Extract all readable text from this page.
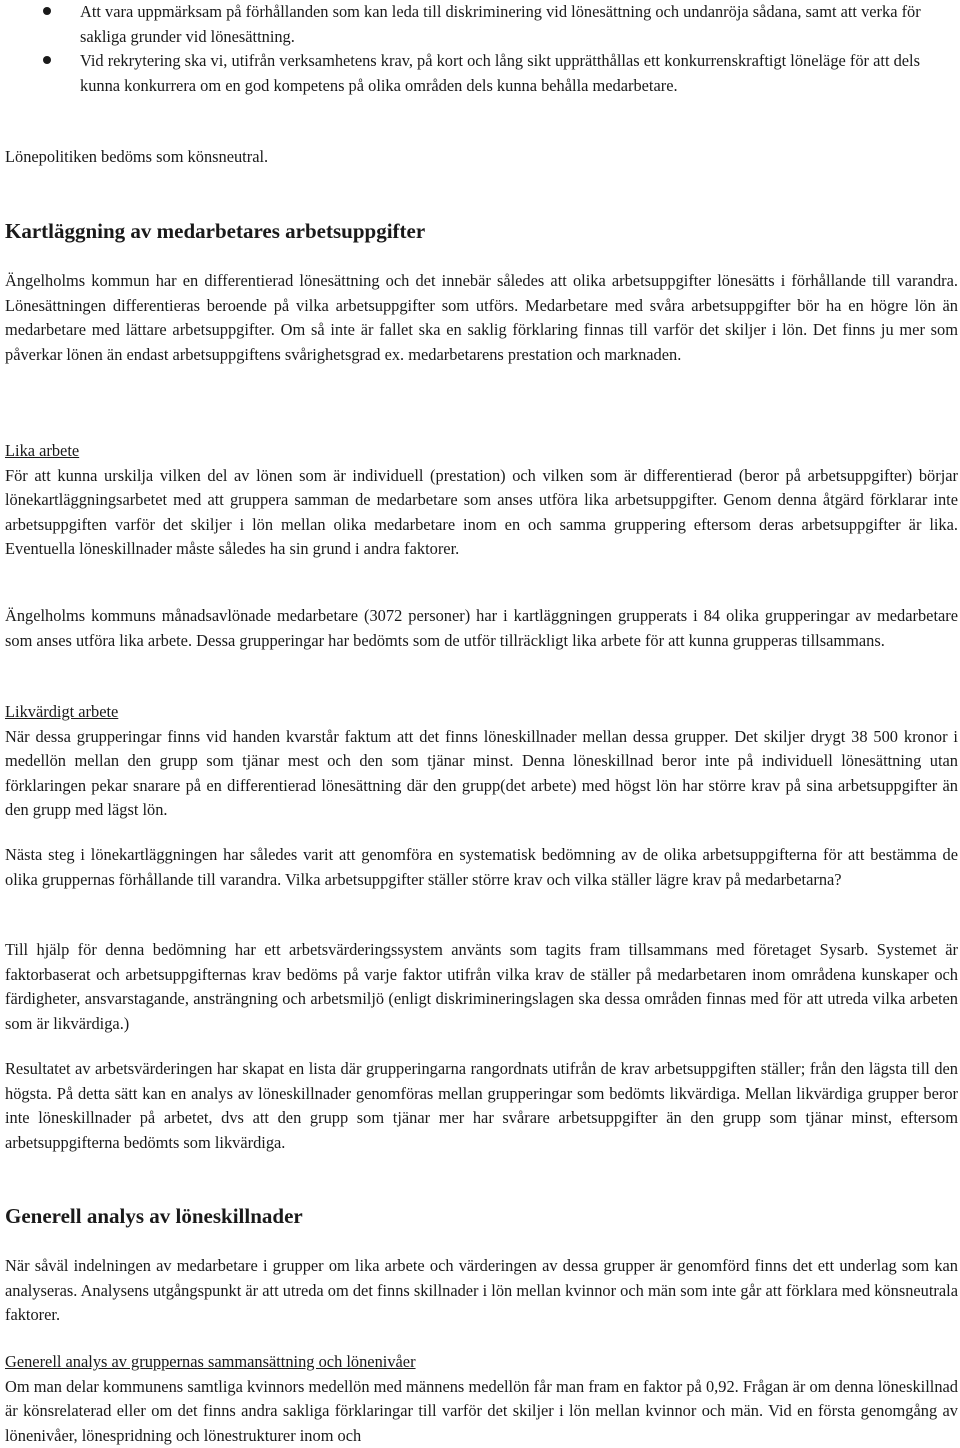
Att vara uppmärksam på förhållanden som kan leda till diskriminering vid lönesättning och undanröja sådana, samt att verka för sakliga grunder vid lönesättning.
Vid rekrytering ska vi, utifrån verksamhetens krav, på kort och lång sikt upprätthållas ett konkurrenskraftigt löneläge för att dels kunna konkurrera om en god kompetens på olika områden dels kunna behålla medarbetare.

Lönepolitiken bedöms som könsneutral.

Kartläggning av medarbetares arbetsuppgifter

Ängelholms kommun har en differentierad lönesättning och det innebär således att olika arbetsuppgifter lönesätts i förhållande till varandra. Lönesättningen differentieras beroende på vilka arbetsuppgifter som utförs. Medarbetare med svåra arbetsuppgifter bör ha en högre lön än medarbetare med lättare arbetsuppgifter. Om så inte är fallet ska en saklig förklaring finnas till varför det skiljer i lön. Det finns ju mer som påverkar lönen än endast arbetsuppgiftens svårighetsgrad ex. medarbetarens prestation och marknaden.

Lika arbete
För att kunna urskilja vilken del av lönen som är individuell (prestation) och vilken som är differentierad (beror på arbetsuppgifter) börjar lönekartläggningsarbetet med att gruppera samman de medarbetare som anses utföra lika arbetsuppgifter. Genom denna åtgärd förklarar inte arbetsuppgiften varför det skiljer i lön mellan olika medarbetare inom en och samma gruppering eftersom deras arbetsuppgifter är lika. Eventuella löneskillnader måste således ha sin grund i andra faktorer.

Ängelholms kommuns månadsavlönade medarbetare (3072 personer) har i kartläggningen grupperats i 84 olika grupperingar av medarbetare som anses utföra lika arbete. Dessa grupperingar har bedömts som de utför tillräckligt lika arbete för att kunna grupperas tillsammans.

Likvärdigt arbete
När dessa grupperingar finns vid handen kvarstår faktum att det finns löneskillnader mellan dessa grupper. Det skiljer drygt 38 500 kronor i medellön mellan den grupp som tjänar mest och den som tjänar minst. Denna löneskillnad beror inte på individuell lönesättning utan förklaringen pekar snarare på en differentierad lönesättning där den grupp(det arbete) med högst lön har större krav på sina arbetsuppgifter än den grupp med lägst lön.

Nästa steg i lönekartläggningen har således varit att genomföra en systematisk bedömning av de olika arbetsuppgifterna för att bestämma de olika gruppernas förhållande till varandra. Vilka arbetsuppgifter ställer större krav och vilka ställer lägre krav på medarbetarna?

Till hjälp för denna bedömning har ett arbetsvärderingssystem använts som tagits fram tillsammans med företaget Sysarb. Systemet är faktorbaserat och arbetsuppgifternas krav bedöms på varje faktor utifrån vilka krav de ställer på medarbetaren inom områdena kunskaper och färdigheter, ansvarstagande, ansträngning och arbetsmiljö (enligt diskrimineringslagen ska dessa områden finnas med för att utreda vilka arbeten som är likvärdiga.)

Resultatet av arbetsvärderingen har skapat en lista där grupperingarna rangordnats utifrån de krav arbetsuppgiften ställer; från den lägsta till den högsta. På detta sätt kan en analys av löneskillnader genomföras mellan grupperingar som bedömts likvärdiga. Mellan likvärdiga grupper beror inte löneskillnader på arbetet, dvs att den grupp som tjänar mer har svårare arbetsuppgifter än den grupp som tjänar minst, eftersom arbetsuppgifterna bedömts som likvärdiga.

Generell analys av löneskillnader

När såväl indelningen av medarbetare i grupper om lika arbete och värderingen av dessa grupper är genomförd finns det ett underlag som kan analyseras. Analysens utgångspunkt är att utreda om det finns skillnader i lön mellan kvinnor och män som inte går att förklara med könsneutrala faktorer.

Generell analys av gruppernas sammansättning och lönenivåer
Om man delar kommunens samtliga kvinnors medellön med männens medellön får man fram en faktor på 0,92. Frågan är om denna löneskillnad är könsrelaterad eller om det finns andra sakliga förklaringar till varför det skiljer i lön mellan kvinnor och män. Vid en första genomgång av lönenivåer, lönespridning och lönestrukturer inom och
